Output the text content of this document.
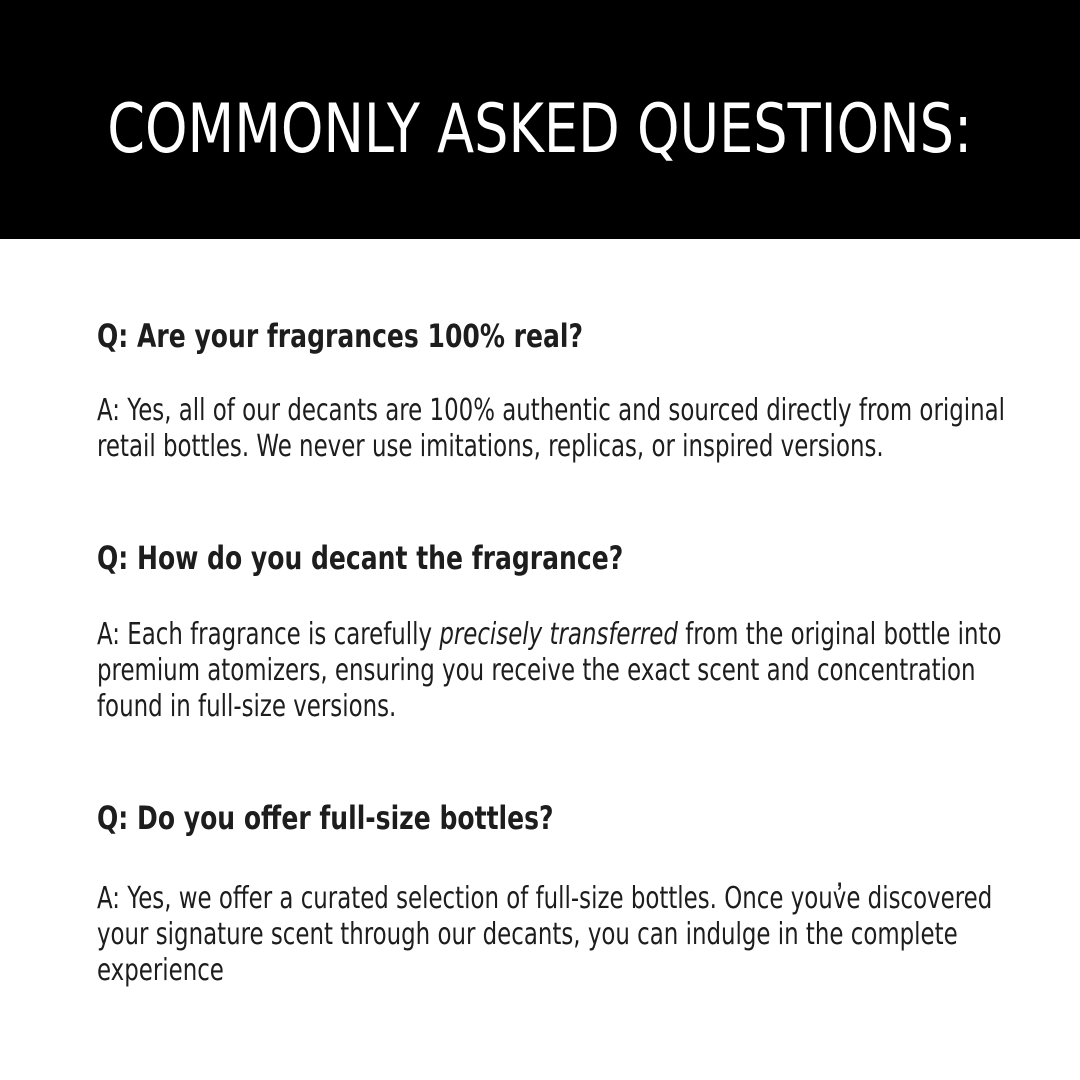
COMMONLY ASKED QUESTIONS:
Q: Are your fragrances 100% real?

A: Yes, all of our decants are 100% authentic and sourced directly from original
retail bottles. We never use imitations, replicas, or inspired versions.

Q: How do you decant the fragrance?

A: Each fragrance is carefully precisely transferred from the original bottle into
premium atomizers, ensuring you receive the exact scent and concentration
found in full-size versions.

Q: Do you offer full-size bottles?

A: Yes, we offer a curated selection of full-size bottles. Once youv̓e discovered
your signature scent through our decants, you can indulge in the complete
experience
